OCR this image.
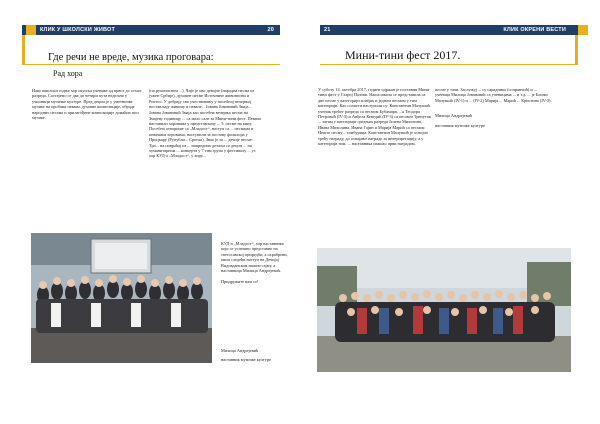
КЛИК У ШКОЛСКИ ЖИВОТ	20
Где речи не вреде, музика проговара:
Рад хора

Иако школски годње хор окупља ученике од првог до осмог разреда. Састајемо се два до четири пута недељно у учионици музичке културе. Пред децом је у уметничке музике на пробама певамо духовне композиције, обраде народних песама и прилагођене композиције домаћих поп музике.

(по рукописном ...), Чије је ово девојче (народна песма из јужне Србије), духовне песме Источниче живоносни и Ристос. У добрају сво учествовању у посебној вечерњој постављају живому и певале... Јована Јовановић Змаја...

Јована Јовановић Змаја као посебна вечерња песма на Змајеву годиницу ... са мало сале за Мини-тини фест. Певачи наставили хоровима у представљачу ... 5. песме на кипу. Посебно отворише са „Младост“, наступ са ... песмама и певачким хоровима, наступили за поставу фолклора у Процкару (Рупубли... Српска). Звао је за ... дечије песме: Тро... на повраћај из ... напредних детаља са децом ... на хуманитарном ... концерта у 7 тим група у фестивалу ... уз хор КУД-а „Младост“, у хору...

КУД-а „Младост“, хор наставника који се успешно представио на светосавској приредби, а охрабрени, овом следећи наступ на Дечијој Видовданском нашем сајму, а наставница Милица Андрејевић.

Придружите нам се!

Милица Андрејевић
наставник музичке културе
21	КЛИК ОКРЕНИ ВЕСТИ
Мини-тини фест 2017.

У суботу 14. октобра 2017. године одржан је поставни Мини-тини фест у Старој Пазови. Наша школа се представила са две песме у категорији млађих и једном песмом у тим категорији. Као солисти наступили су: Константин Малушић ученик трећег разреда са песмом Бубамара, ...а Теодора Петровић (IV-3) и Анђела Кеведић (IV-3) са песмом Тренутак ... затим у категорији средњих разреда Јелена Михолина, Ивана Михолина, Ивана Гајин и Марија Марић са песмом Нешто песму – тамбурица. Константин Малушић је освојио трећу награду, до освајање награде за интерпретацију, а у категорији тим, ... наставника изашао први наградом.

песме у тачи. Заслужуј ... су сарадника (сопранчић) и ... ученица Милица Јовановић са ученицима ... и т.д. ... је Бошко Малушић (IV-1) и ... (IV-2) Марија ... Марић ... Кристина (IV-3).

Милица Андрејевић
наставник музичке културе
